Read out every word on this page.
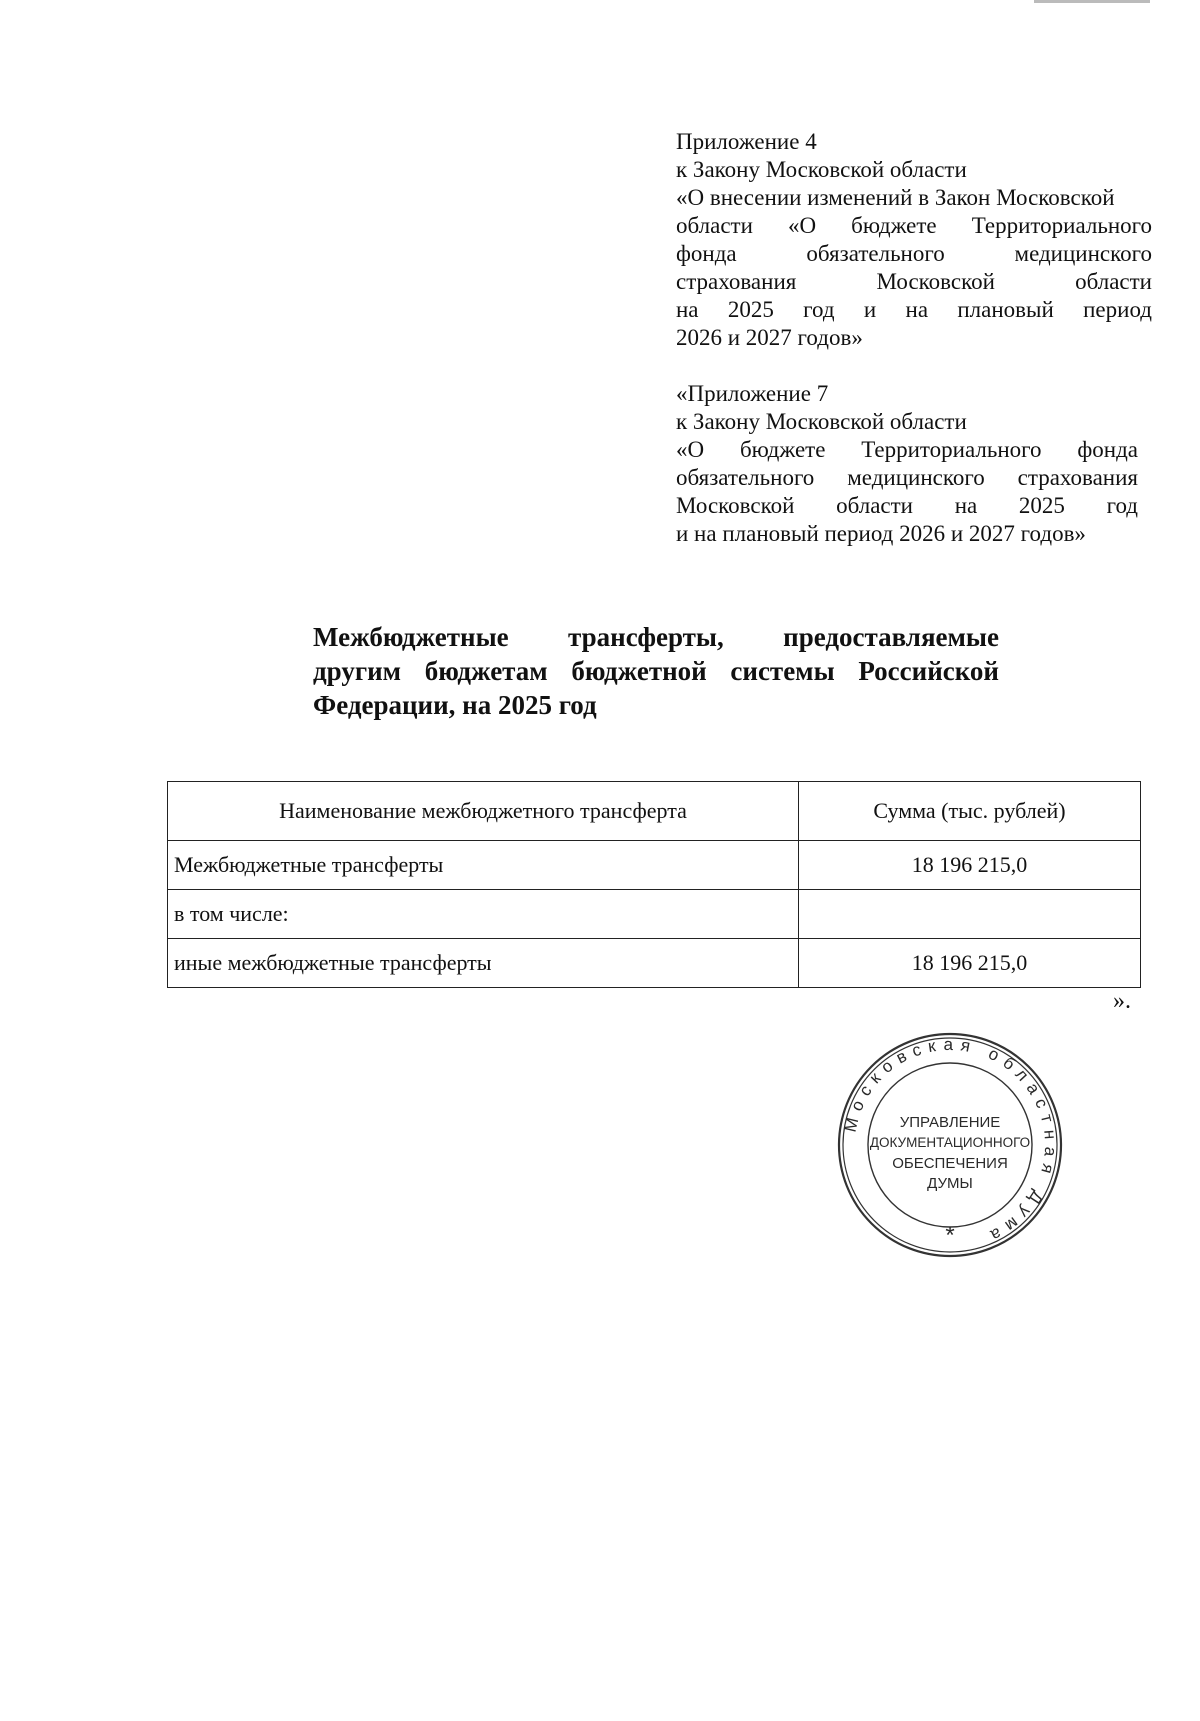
Приложение 4
к Закону Московской области
«О внесении изменений в Закон Московской
области «О бюджете Территориального
фонда обязательного медицинского
страхования Московской области
на 2025 год и на плановый период
2026 и 2027 годов»
«Приложение 7
к Закону Московской области
«О бюджете Территориального фонда
обязательного медицинского страхования
Московской области на 2025 год
и на плановый период 2026 и 2027 годов»
Межбюджетные трансферты, предоставляемые
другим бюджетам бюджетной системы Российской
Федерации, на 2025 год
Наименование межбюджетного трансферта	Сумма (тыс. рублей)
Межбюджетные трансферты	18 196 215,0
в том числе:	
иные межбюджетные трансферты	18 196 215,0
».
Московская областная Дума
УПРАВЛЕНИЕ
ДОКУМЕНТАЦИОННОГО
ОБЕСПЕЧЕНИЯ
ДУМЫ
*
